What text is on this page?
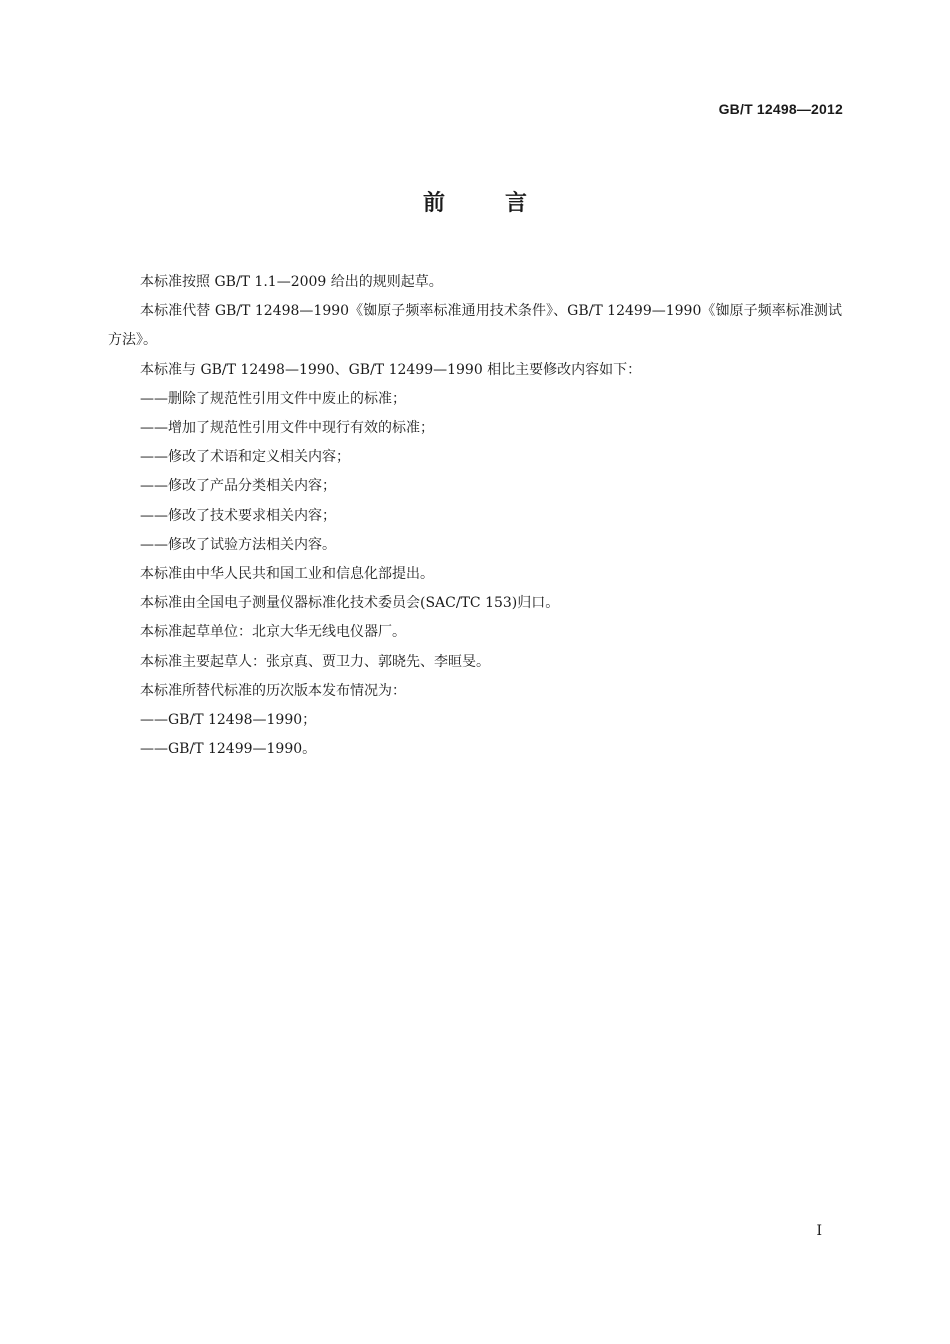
GB/T 12498—2012
前言

本标准按照 GB/T 1.1—2009 给出的规则起草。

本标准代替 GB/T 12498—1990《铷原子频率标准通用技术条件》、GB/T 12499—1990《铷原子频率标准测试方法》。

本标准与 GB/T 12498—1990、GB/T 12499—1990 相比主要修改内容如下：

——删除了规范性引用文件中废止的标准；

——增加了规范性引用文件中现行有效的标准；

——修改了术语和定义相关内容；

——修改了产品分类相关内容；

——修改了技术要求相关内容；

——修改了试验方法相关内容。

本标准由中华人民共和国工业和信息化部提出。

本标准由全国电子测量仪器标准化技术委员会(SAC/TC 153)归口。

本标准起草单位：北京大华无线电仪器厂。

本标准主要起草人：张京真、贾卫力、郭晓先、李晅旻。

本标准所替代标准的历次版本发布情况为：

——GB/T 12498—1990；

——GB/T 12499—1990。

I
